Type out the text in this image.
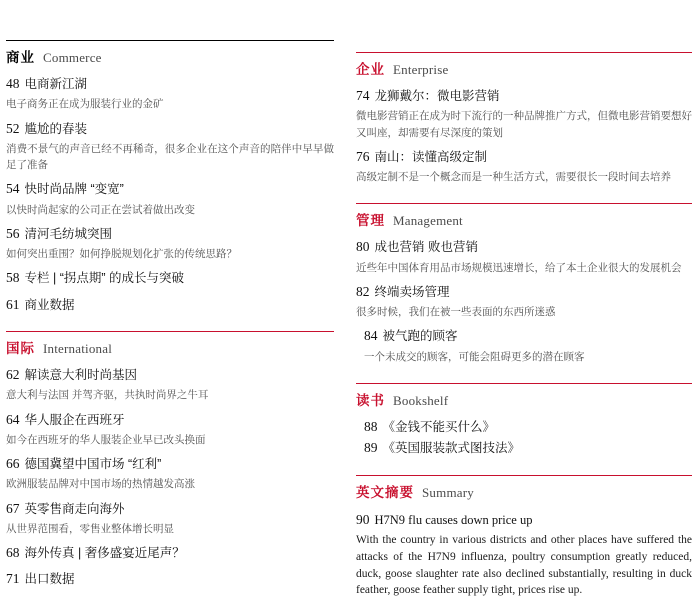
商业 Commerce
48 电商新江湖
电子商务正在成为服装行业的金矿
52 尴尬的春装
消费不景气的声音已经不再稀奇，很多企业在这个声音的陪伴中早早做足了准备
54 快时尚品牌 “变宽”
以快时尚起家的公司正在尝试着做出改变
56 清河毛纺城突围
如何突出重围？如何挣脱规划化扩张的传统思路？
58 专栏 | “拐点期” 的成长与突破
61 商业数据
国际 International
62 解读意大利时尚基因
意大利与法国 并驾齐驱，共执时尚界之牛耳
64 华人服企在西班牙
如今在西班牙的华人服装企业早已改头换面
66 德国冀望中国市场 “红利”
欧洲服装品牌对中国市场的热情越发高涨
67 英零售商走向海外
从世界范围看，零售业整体增长明显
68 海外传真 | 奢侈盛宴近尾声？
71 出口数据
企业 Enterprise
74 龙狮戴尔：微电影营销
微电影营销正在成为时下流行的一种品牌推广方式，但微电影营销要想好又叫座，却需要有尽深度的策划
76 南山：读懂高级定制
高级定制不是一个概念而是一种生活方式，需要很长一段时间去培养
管理 Management
80 成也营销 败也营销
近些年中国体育用品市场规模迅速增长，给了本土企业很大的发展机会
82 终端卖场管理
很多时候，我们在被一些表面的东西所迷惑
84 被气跑的顾客
一个未成交的顾客，可能会阻碍更多的潜在顾客
读书 Bookshelf
88 《金钱不能买什么》
89 《英国服装款式图技法》
英文摘要 Summary
90 H7N9 flu causes down price up
With the country in various districts and other places have suffered the attacks of the H7N9 influenza, poultry consumption greatly reduced, duck, goose slaughter rate also declined substantially, resulting in duck feather, goose feather supply tight, prices rise up.
